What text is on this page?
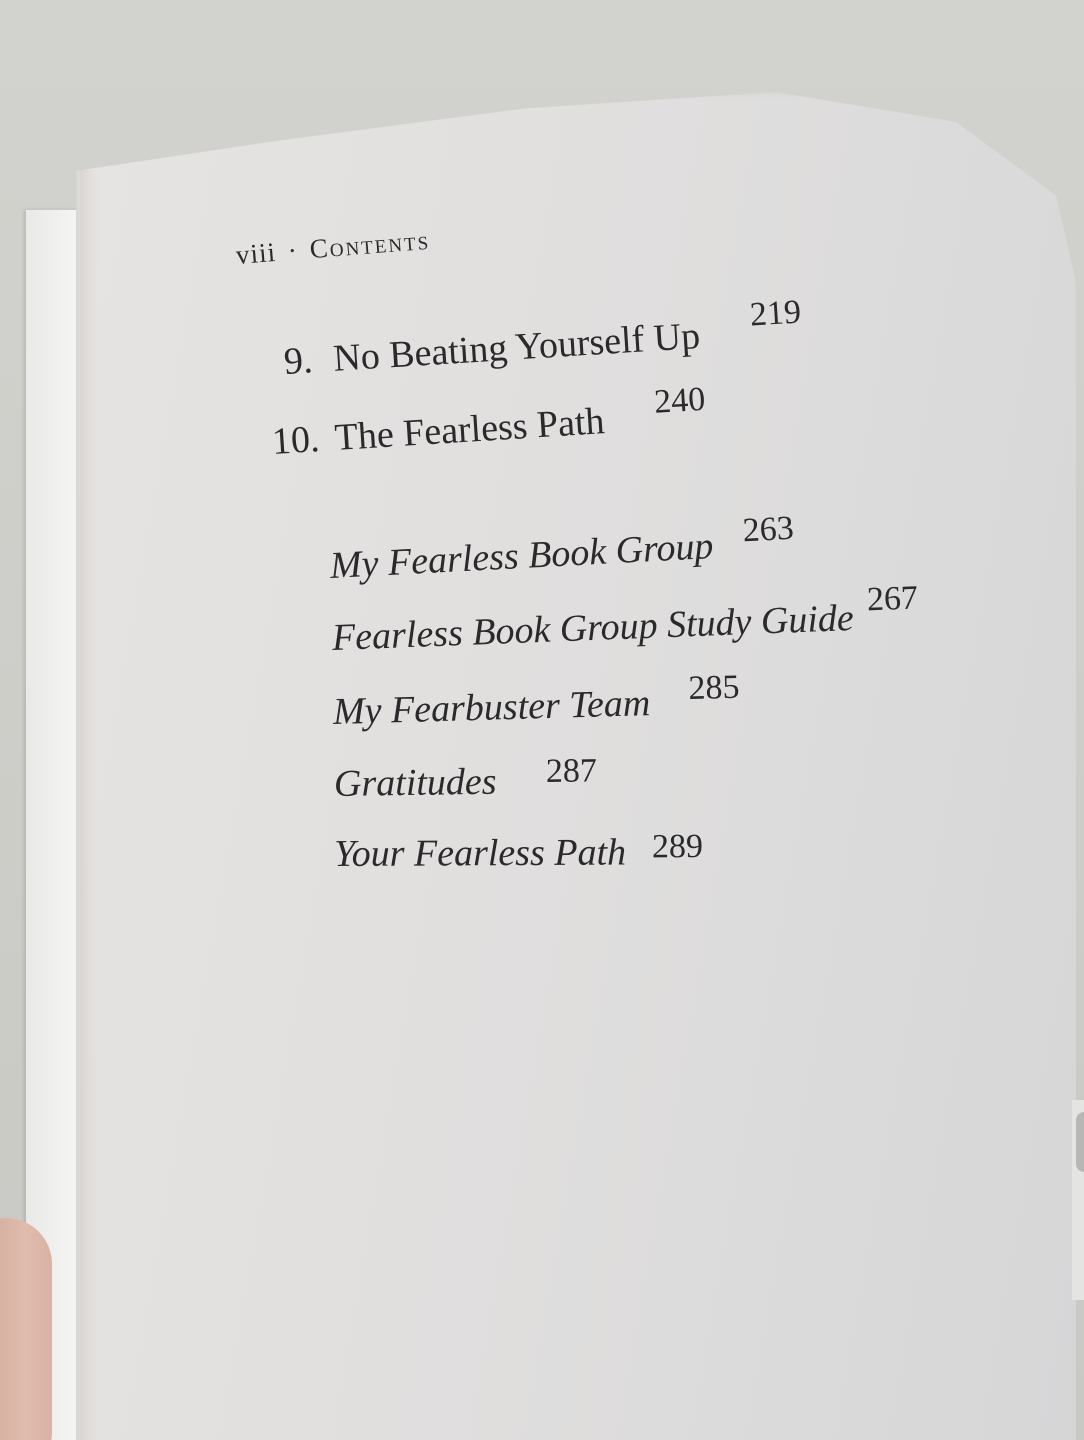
viii · Contents
9. No Beating Yourself Up
219
10. The Fearless Path 240
My Fearless Book Group 263
Fearless Book Group Study Guide 267
My Fearbuster Team 285
Gratitudes 287
Your Fearless Path 289
